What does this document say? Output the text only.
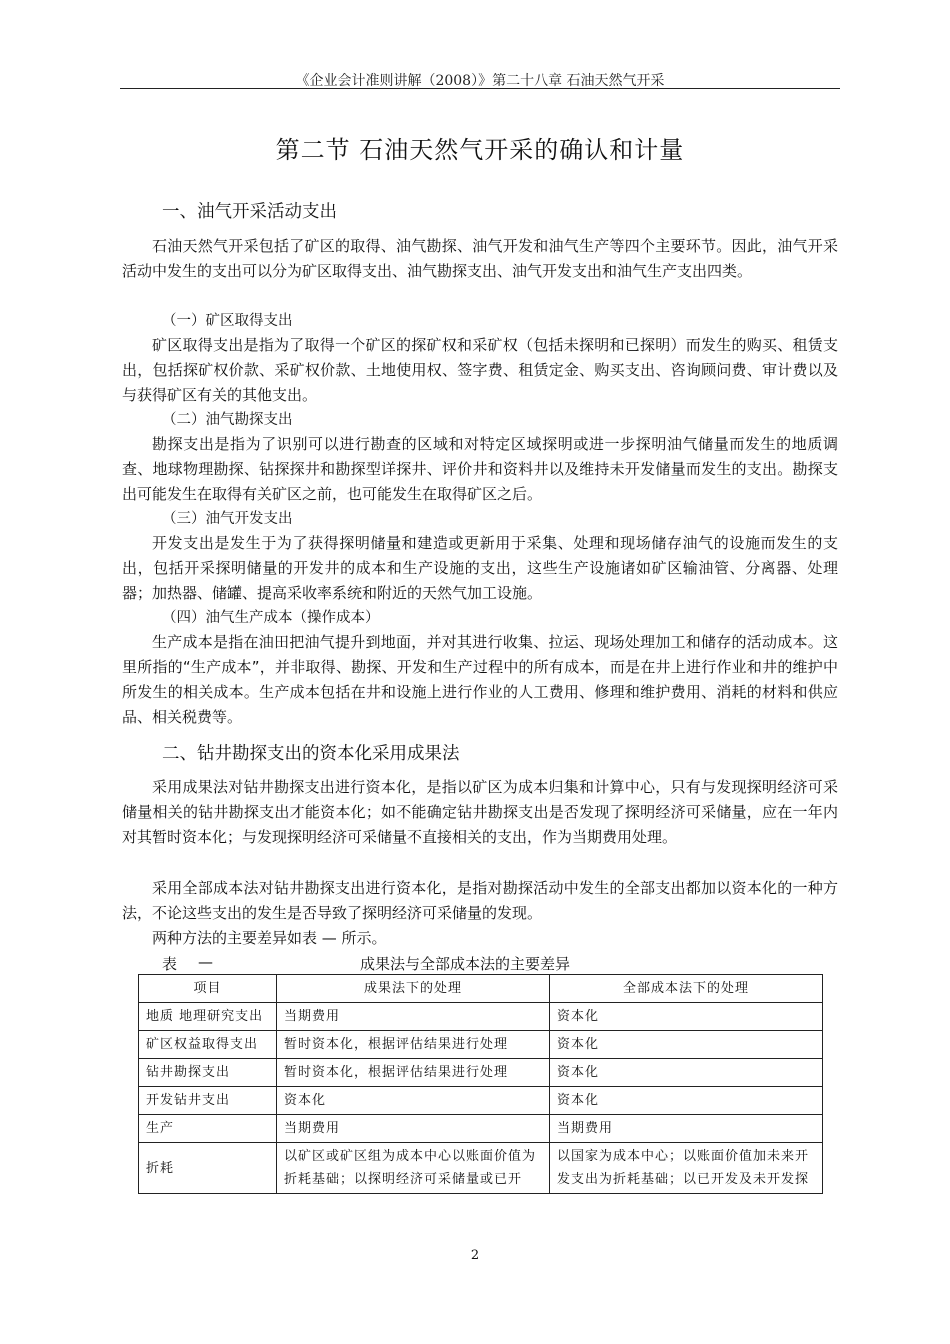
《企业会计准则讲解（2008）》第二十八章 石油天然气开采
第二节 石油天然气开采的确认和计量
一、油气开采活动支出

石油天然气开采包括了矿区的取得、油气勘探、油气开发和油气生产等四个主要环节。因此，油气开采活动中发生的支出可以分为矿区取得支出、油气勘探支出、油气开发支出和油气生产支出四类。

（一）矿区取得支出

矿区取得支出是指为了取得一个矿区的探矿权和采矿权（包括未探明和已探明）而发生的购买、租赁支出，包括探矿权价款、采矿权价款、土地使用权、签字费、租赁定金、购买支出、咨询顾问费、审计费以及与获得矿区有关的其他支出。

（二）油气勘探支出

勘探支出是指为了识别可以进行勘查的区域和对特定区域探明或进一步探明油气储量而发生的地质调查、地球物理勘探、钻探探井和勘探型详探井、评价井和资料井以及维持未开发储量而发生的支出。勘探支出可能发生在取得有关矿区之前，也可能发生在取得矿区之后。

（三）油气开发支出

开发支出是发生于为了获得探明储量和建造或更新用于采集、处理和现场储存油气的设施而发生的支出，包括开采探明储量的开发井的成本和生产设施的支出，这些生产设施诸如矿区输油管、分离器、处理器；加热器、储罐、提高采收率系统和附近的天然气加工设施。

（四）油气生产成本（操作成本）

生产成本是指在油田把油气提升到地面，并对其进行收集、拉运、现场处理加工和储存的活动成本。这里所指的“生产成本”，并非取得、勘探、开发和生产过程中的所有成本，而是在井上进行作业和井的维护中所发生的相关成本。生产成本包括在井和设施上进行作业的人工费用、修理和维护费用、消耗的材料和供应品、相关税费等。

二、钻井勘探支出的资本化采用成果法

采用成果法对钻井勘探支出进行资本化，是指以矿区为成本归集和计算中心，只有与发现探明经济可采储量相关的钻井勘探支出才能资本化；如不能确定钻井勘探支出是否发现了探明经济可采储量，应在一年内对其暂时资本化；与发现探明经济可采储量不直接相关的支出，作为当期费用处理。

采用全部成本法对钻井勘探支出进行资本化，是指对勘探活动中发生的全部支出都加以资本化的一种方法，不论这些支出的发生是否导致了探明经济可采储量的发现。

两种方法的主要差异如表 — 所示。

表 —	成果法与全部成本法的主要差异
项目	成果法下的处理	全部成本法下的处理
地质 地理研究支出	当期费用	资本化
矿区权益取得支出	暂时资本化，根据评估结果进行处理	资本化
钻井勘探支出	暂时资本化，根据评估结果进行处理	资本化
开发钻井支出	资本化	资本化
生产	当期费用	当期费用
折耗	以矿区或矿区组为成本中心以账面价值为折耗基础；以探明经济可采储量或已开	以国家为成本中心；以账面价值加未来开发支出为折耗基础；以已开发及未开发探
2
